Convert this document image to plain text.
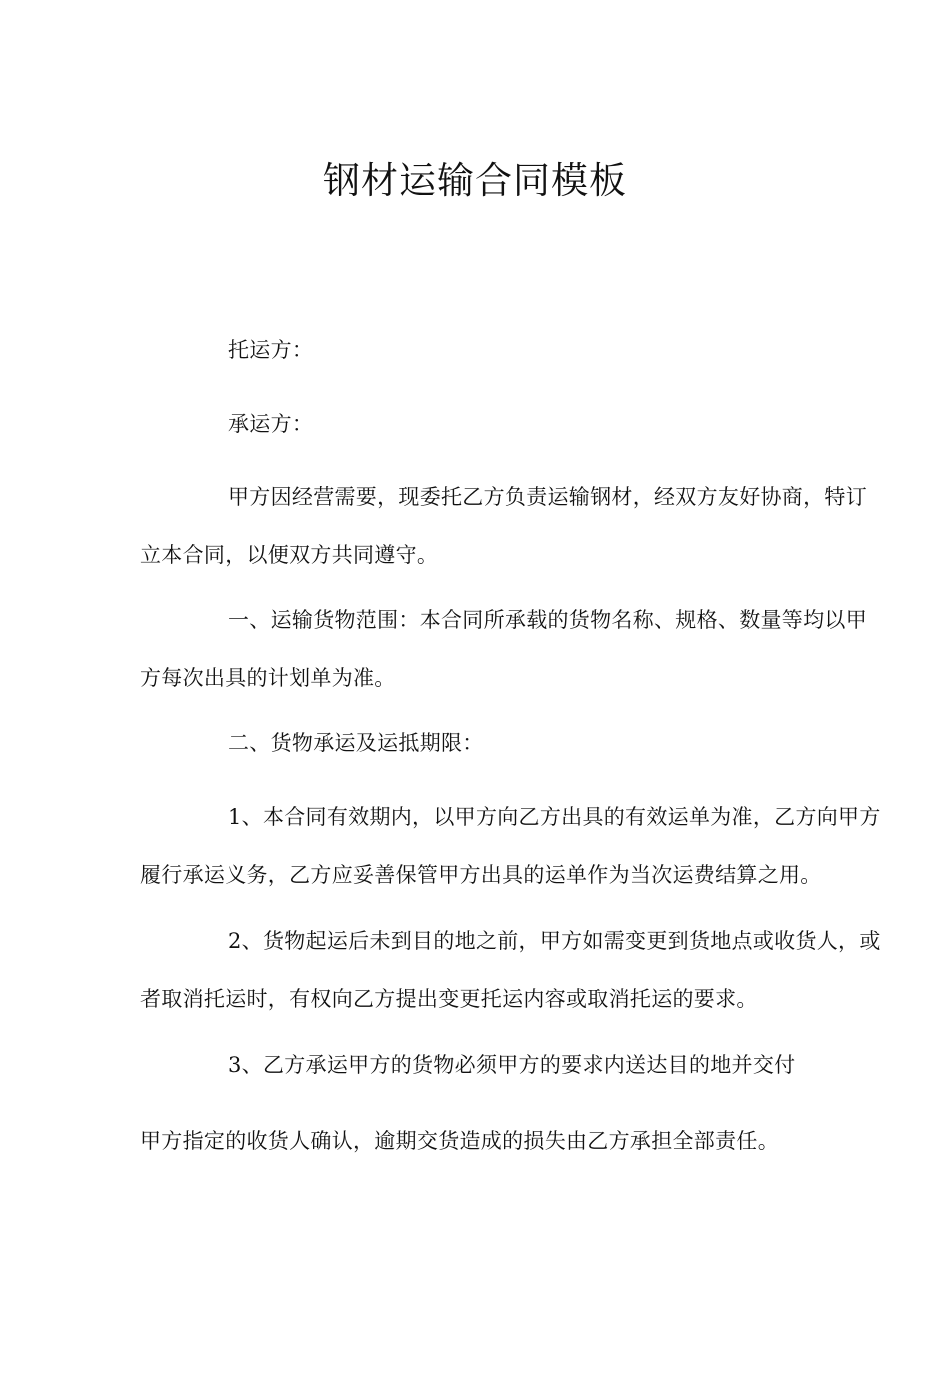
钢材运输合同模板

托运方：

承运方：

甲方因经营需要，现委托乙方负责运输钢材，经双方友好协商，特订立本合同，以便双方共同遵守。

一、运输货物范围：本合同所承载的货物名称、规格、数量等均以甲方每次出具的计划单为准。

二、货物承运及运抵期限：

1、本合同有效期内，以甲方向乙方出具的有效运单为准，乙方向甲方履行承运义务，乙方应妥善保管甲方出具的运单作为当次运费结算之用。

2、货物起运后未到目的地之前，甲方如需变更到货地点或收货人，或者取消托运时，有权向乙方提出变更托运内容或取消托运的要求。

3、乙方承运甲方的货物必须甲方的要求内送达目的地并交付

甲方指定的收货人确认，逾期交货造成的损失由乙方承担全部责任。
